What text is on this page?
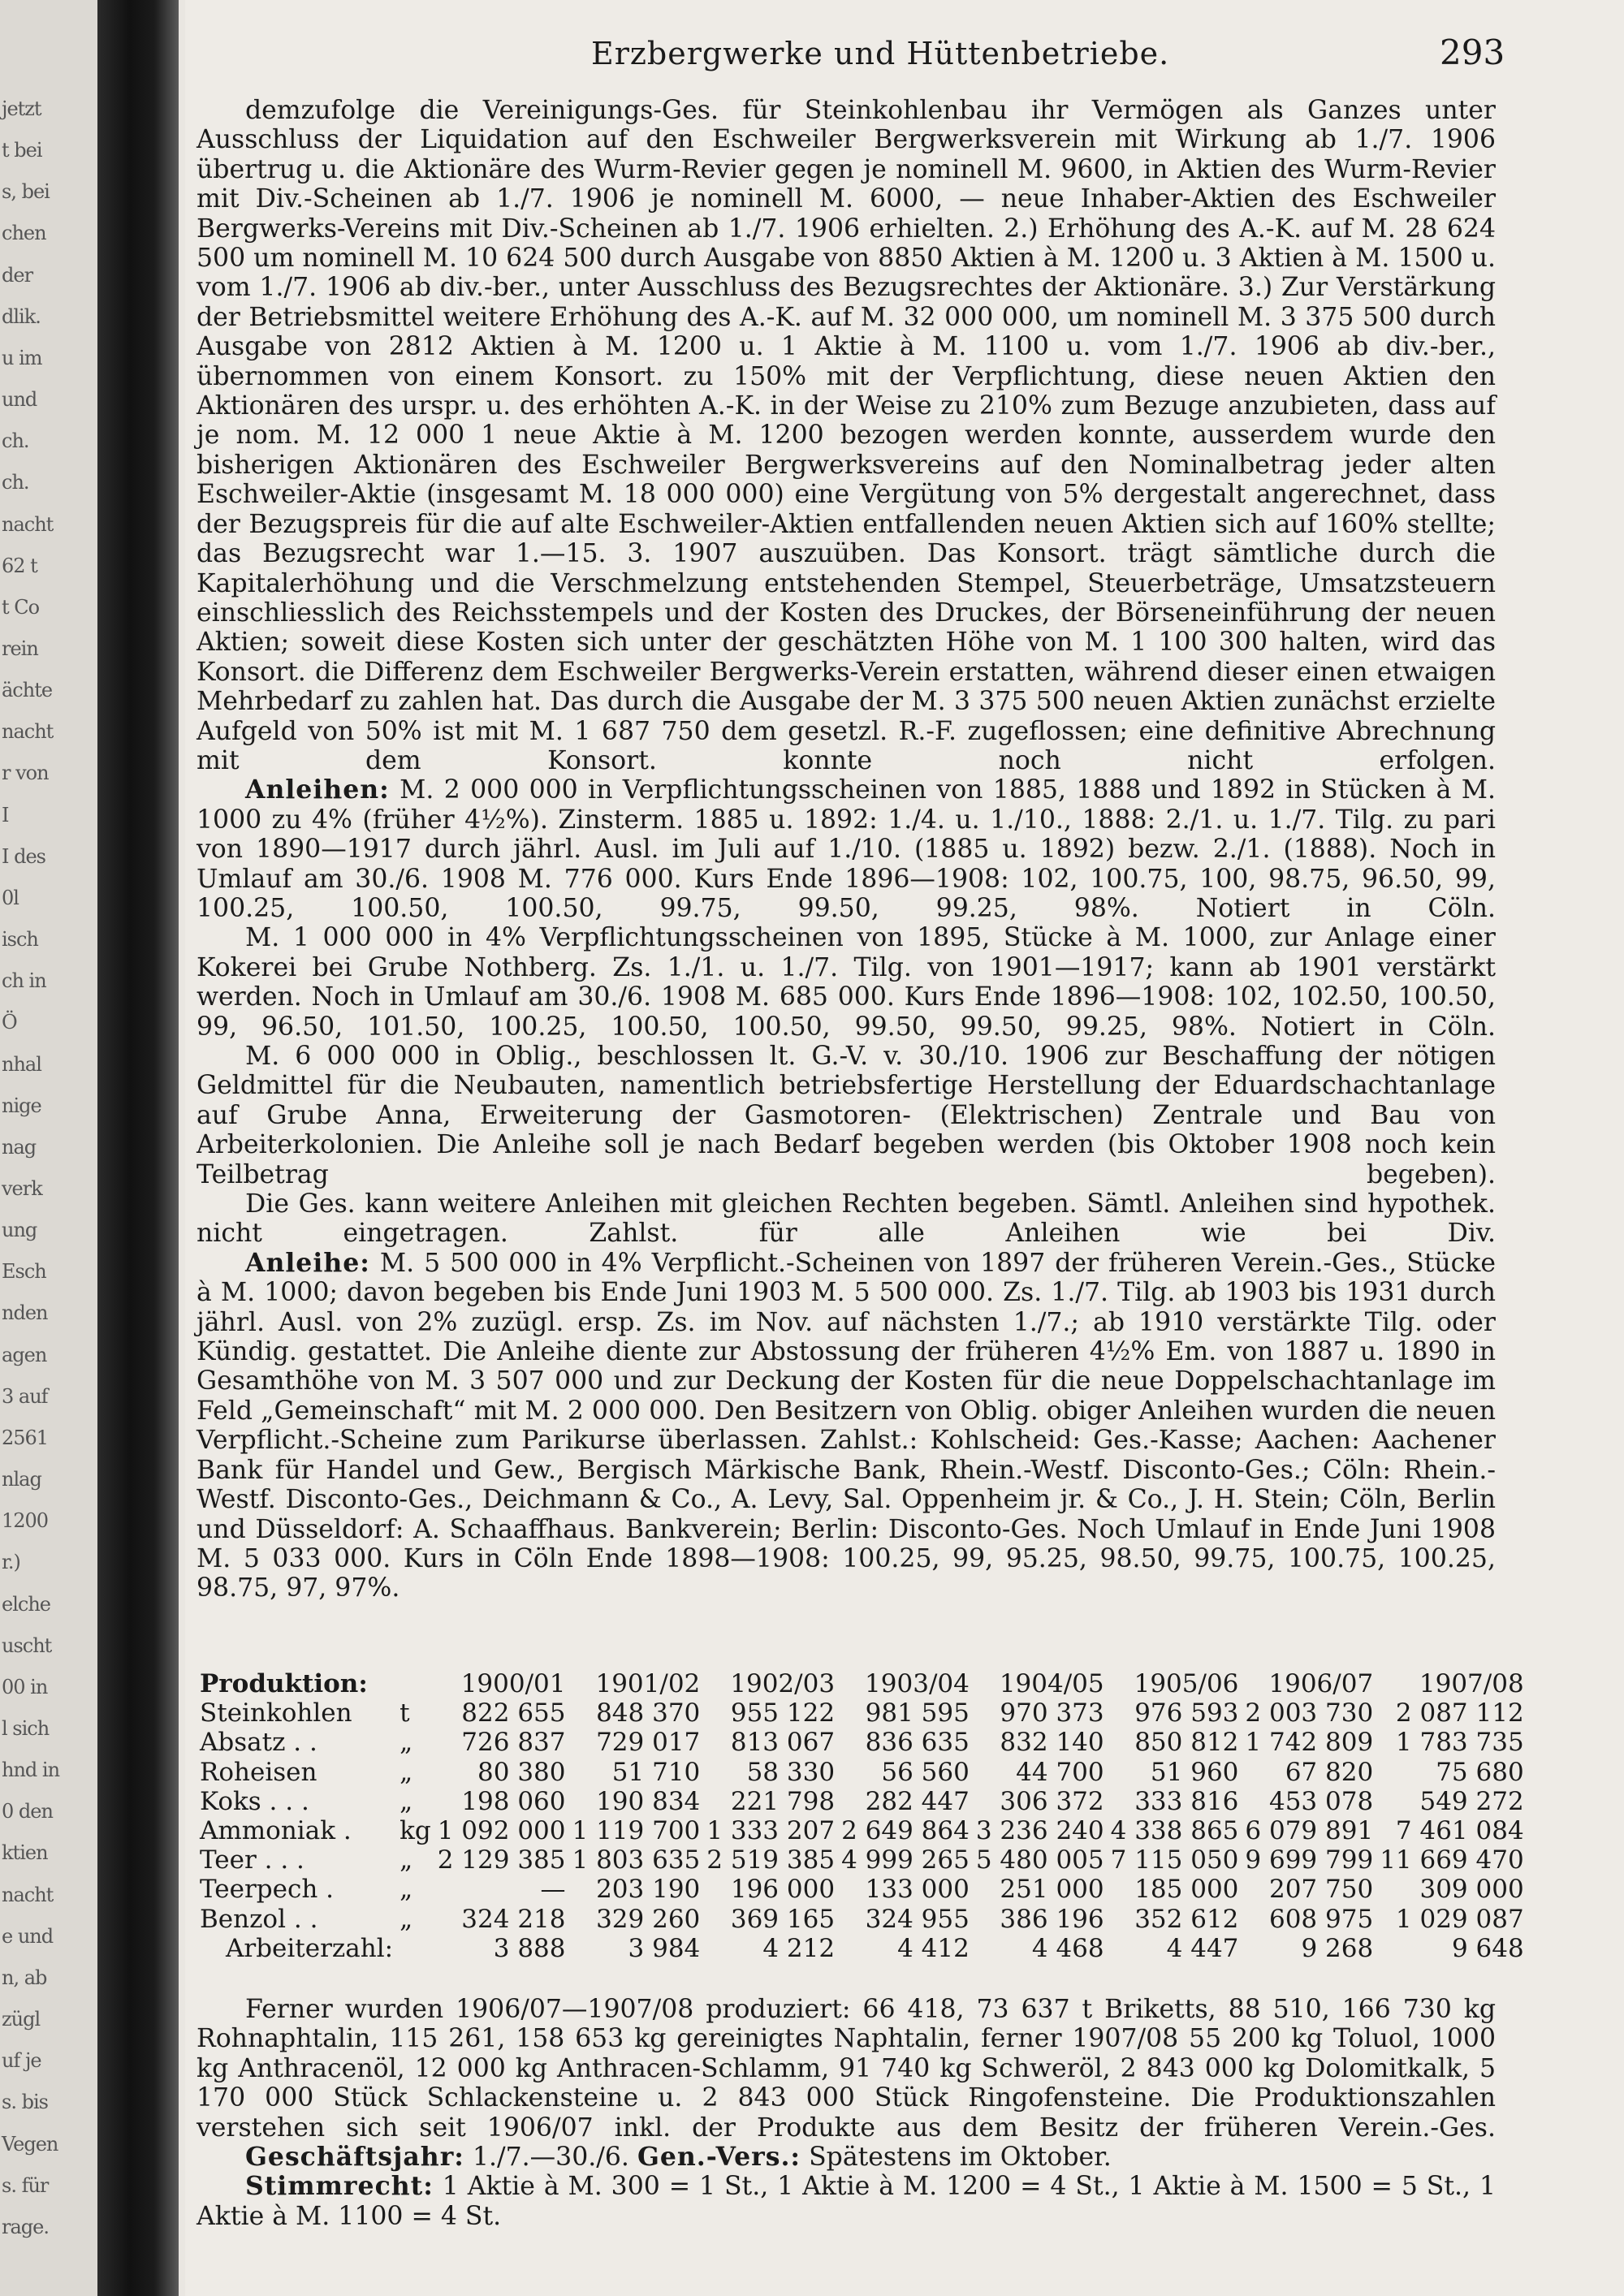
jetzt
t bei
s, bei
chen
der
dlik.
u im
und
ch.
ch.
nacht
62 t
t Co
rein
ächte
nacht
r von
I
I des
0l
isch
ch in
Ö
nhal
nige
nag
verk
ung
Esch
nden
agen
3 auf
2561
nlag
1200
r.)
elche
uscht
00 in
l sich
hnd in
0 den
ktien
nacht
e und
n, ab
zügl
uf je
s. bis
Vegen
s. für
rage.
Erzbergwerke und Hüttenbetriebe.	293

demzufolge die Vereinigungs-Ges. für Steinkohlenbau ihr Vermögen als Ganzes unter Ausschluss der Liquidation auf den Eschweiler Bergwerksverein mit Wirkung ab 1./7. 1906 übertrug u. die Aktionäre des Wurm-Revier gegen je nominell M. 9600, in Aktien des Wurm-Revier mit Div.-Scheinen ab 1./7. 1906 je nominell M. 6000, — neue Inhaber-Aktien des Eschweiler Bergwerks-Vereins mit Div.-Scheinen ab 1./7. 1906 erhielten. 2.) Erhöhung des A.-K. auf M. 28 624 500 um nominell M. 10 624 500 durch Ausgabe von 8850 Aktien à M. 1200 u. 3 Aktien à M. 1500 u. vom 1./7. 1906 ab div.-ber., unter Ausschluss des Bezugsrechtes der Aktionäre. 3.) Zur Verstärkung der Betriebsmittel weitere Erhöhung des A.-K. auf M. 32 000 000, um nominell M. 3 375 500 durch Ausgabe von 2812 Aktien à M. 1200 u. 1 Aktie à M. 1100 u. vom 1./7. 1906 ab div.-ber., übernommen von einem Konsort. zu 150% mit der Verpflichtung, diese neuen Aktien den Aktionären des urspr. u. des erhöhten A.-K. in der Weise zu 210% zum Bezuge anzubieten, dass auf je nom. M. 12 000 1 neue Aktie à M. 1200 bezogen werden konnte, ausserdem wurde den bisherigen Aktionären des Eschweiler Bergwerksvereins auf den Nominalbetrag jeder alten Eschweiler-Aktie (insgesamt M. 18 000 000) eine Vergütung von 5% dergestalt angerechnet, dass der Bezugspreis für die auf alte Eschweiler-Aktien entfallenden neuen Aktien sich auf 160% stellte; das Bezugsrecht war 1.—15. 3. 1907 auszuüben. Das Konsort. trägt sämtliche durch die Kapitalerhöhung und die Verschmelzung entstehenden Stempel, Steuerbeträge, Umsatzsteuern einschliesslich des Reichsstempels und der Kosten des Druckes, der Börseneinführung der neuen Aktien; soweit diese Kosten sich unter der geschätzten Höhe von M. 1 100 300 halten, wird das Konsort. die Differenz dem Eschweiler Bergwerks-Verein erstatten, während dieser einen etwaigen Mehrbedarf zu zahlen hat. Das durch die Ausgabe der M. 3 375 500 neuen Aktien zunächst erzielte Aufgeld von 50% ist mit M. 1 687 750 dem gesetzl. R.-F. zugeflossen; eine definitive Abrechnung mit dem Konsort. konnte noch nicht erfolgen.

Anleihen: M. 2 000 000 in Verpflichtungsscheinen von 1885, 1888 und 1892 in Stücken à M. 1000 zu 4% (früher 4½%). Zinsterm. 1885 u. 1892: 1./4. u. 1./10., 1888: 2./1. u. 1./7. Tilg. zu pari von 1890—1917 durch jährl. Ausl. im Juli auf 1./10. (1885 u. 1892) bezw. 2./1. (1888). Noch in Umlauf am 30./6. 1908 M. 776 000. Kurs Ende 1896—1908: 102, 100.75, 100, 98.75, 96.50, 99, 100.25, 100.50, 100.50, 99.75, 99.50, 99.25, 98%. Notiert in Cöln.

M. 1 000 000 in 4% Verpflichtungsscheinen von 1895, Stücke à M. 1000, zur Anlage einer Kokerei bei Grube Nothberg. Zs. 1./1. u. 1./7. Tilg. von 1901—1917; kann ab 1901 verstärkt werden. Noch in Umlauf am 30./6. 1908 M. 685 000. Kurs Ende 1896—1908: 102, 102.50, 100.50, 99, 96.50, 101.50, 100.25, 100.50, 100.50, 99.50, 99.50, 99.25, 98%. Notiert in Cöln.

M. 6 000 000 in Oblig., beschlossen lt. G.-V. v. 30./10. 1906 zur Beschaffung der nötigen Geldmittel für die Neubauten, namentlich betriebsfertige Herstellung der Eduardschachtanlage auf Grube Anna, Erweiterung der Gasmotoren- (Elektrischen) Zentrale und Bau von Arbeiterkolonien. Die Anleihe soll je nach Bedarf begeben werden (bis Oktober 1908 noch kein Teilbetrag begeben).

Die Ges. kann weitere Anleihen mit gleichen Rechten begeben. Sämtl. Anleihen sind hypothek. nicht eingetragen. Zahlst. für alle Anleihen wie bei Div.

Anleihe: M. 5 500 000 in 4% Verpflicht.-Scheinen von 1897 der früheren Verein.-Ges., Stücke à M. 1000; davon begeben bis Ende Juni 1903 M. 5 500 000. Zs. 1./7. Tilg. ab 1903 bis 1931 durch jährl. Ausl. von 2% zuzügl. ersp. Zs. im Nov. auf nächsten 1./7.; ab 1910 verstärkte Tilg. oder Kündig. gestattet. Die Anleihe diente zur Abstossung der früheren 4½% Em. von 1887 u. 1890 in Gesamthöhe von M. 3 507 000 und zur Deckung der Kosten für die neue Doppelschachtanlage im Feld „Gemeinschaft“ mit M. 2 000 000. Den Besitzern von Oblig. obiger Anleihen wurden die neuen Verpflicht.-Scheine zum Parikurse überlassen. Zahlst.: Kohlscheid: Ges.-Kasse; Aachen: Aachener Bank für Handel und Gew., Bergisch Märkische Bank, Rhein.-Westf. Disconto-Ges.; Cöln: Rhein.-Westf. Disconto-Ges., Deichmann & Co., A. Levy, Sal. Oppenheim jr. & Co., J. H. Stein; Cöln, Berlin und Düsseldorf: A. Schaaffhaus. Bankverein; Berlin: Disconto-Ges. Noch Umlauf in Ende Juni 1908 M. 5 033 000. Kurs in Cöln Ende 1898—1908: 100.25, 99, 95.25, 98.50, 99.75, 100.75, 100.25, 98.75, 97, 97%.

Produktion:		1900/01	1901/02	1902/03	1903/04	1904/05	1905/06	1906/07	1907/08
Steinkohlen	t	822 655	848 370	955 122	981 595	970 373	976 593	2 003 730	2 087 112
Absatz . .	„	726 837	729 017	813 067	836 635	832 140	850 812	1 742 809	1 783 735
Roheisen	„	80 380	51 710	58 330	56 560	44 700	51 960	67 820	75 680
Koks . . .	„	198 060	190 834	221 798	282 447	306 372	333 816	453 078	549 272
Ammoniak .	kg	1 092 000	1 119 700	1 333 207	2 649 864	3 236 240	4 338 865	6 079 891	7 461 084
Teer . . .	„	2 129 385	1 803 635	2 519 385	4 999 265	5 480 005	7 115 050	9 699 799	11 669 470
Teerpech .	„	—	203 190	196 000	133 000	251 000	185 000	207 750	309 000
Benzol . .	„	324 218	329 260	369 165	324 955	386 196	352 612	608 975	1 029 087
Arbeiterzahl:		3 888	3 984	4 212	4 412	4 468	4 447	9 268	9 648

Ferner wurden 1906/07—1907/08 produziert: 66 418, 73 637 t Briketts, 88 510, 166 730 kg Rohnaphtalin, 115 261, 158 653 kg gereinigtes Naphtalin, ferner 1907/08 55 200 kg Toluol, 1000 kg Anthracenöl, 12 000 kg Anthracen-Schlamm, 91 740 kg Schweröl, 2 843 000 kg Dolomitkalk, 5 170 000 Stück Schlackensteine u. 2 843 000 Stück Ringofensteine. Die Produktionszahlen verstehen sich seit 1906/07 inkl. der Produkte aus dem Besitz der früheren Verein.-Ges.

Geschäftsjahr: 1./7.—30./6. Gen.-Vers.: Spätestens im Oktober.

Stimmrecht: 1 Aktie à M. 300 = 1 St., 1 Aktie à M. 1200 = 4 St., 1 Aktie à M. 1500 = 5 St., 1 Aktie à M. 1100 = 4 St.
